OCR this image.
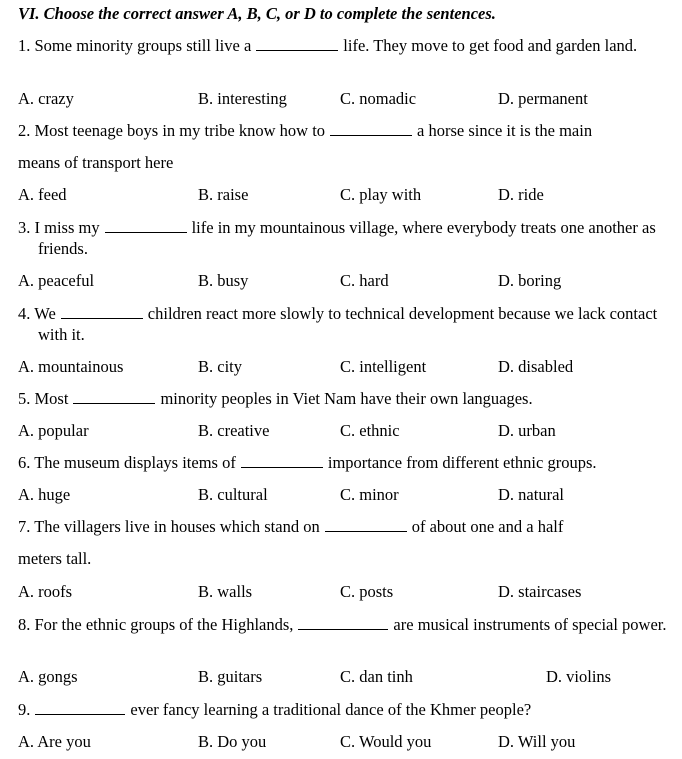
VI. Choose the correct answer A, B, C, or D to complete the sentences.
1. Some minority groups still live a	life. They move to get food and garden land.
A. crazy	B. interesting	C. nomadic	D. permanent
2. Most teenage boys in my tribe know how to	a horse since it is the main
means of transport here
A. feed	B. raise	C. play with	D. ride
3. I miss my	life in my mountainous village, where everybody treats one another as friends.
A. peaceful	B. busy	C. hard	D. boring
4. We	children react more slowly to technical development because we lack contact with it.
A. mountainous	B. city	C. intelligent	D. disabled
5. Most	minority peoples in Viet Nam have their own languages.
A. popular	B. creative	C. ethnic	D. urban
6. The museum displays items of	importance from different ethnic groups.
A. huge	B. cultural	C. minor	D. natural
7. The villagers live in houses which stand on	of about one and a half
meters tall.
A. roofs	B. walls	C. posts	D. staircases
8. For the ethnic groups of the Highlands,	are musical instruments of special power.
A. gongs	B. guitars	C. dan tinh	D. violins
9.	ever fancy learning a traditional dance of the Khmer people?
A. Are you	B. Do you	C. Would you	D. Will you
